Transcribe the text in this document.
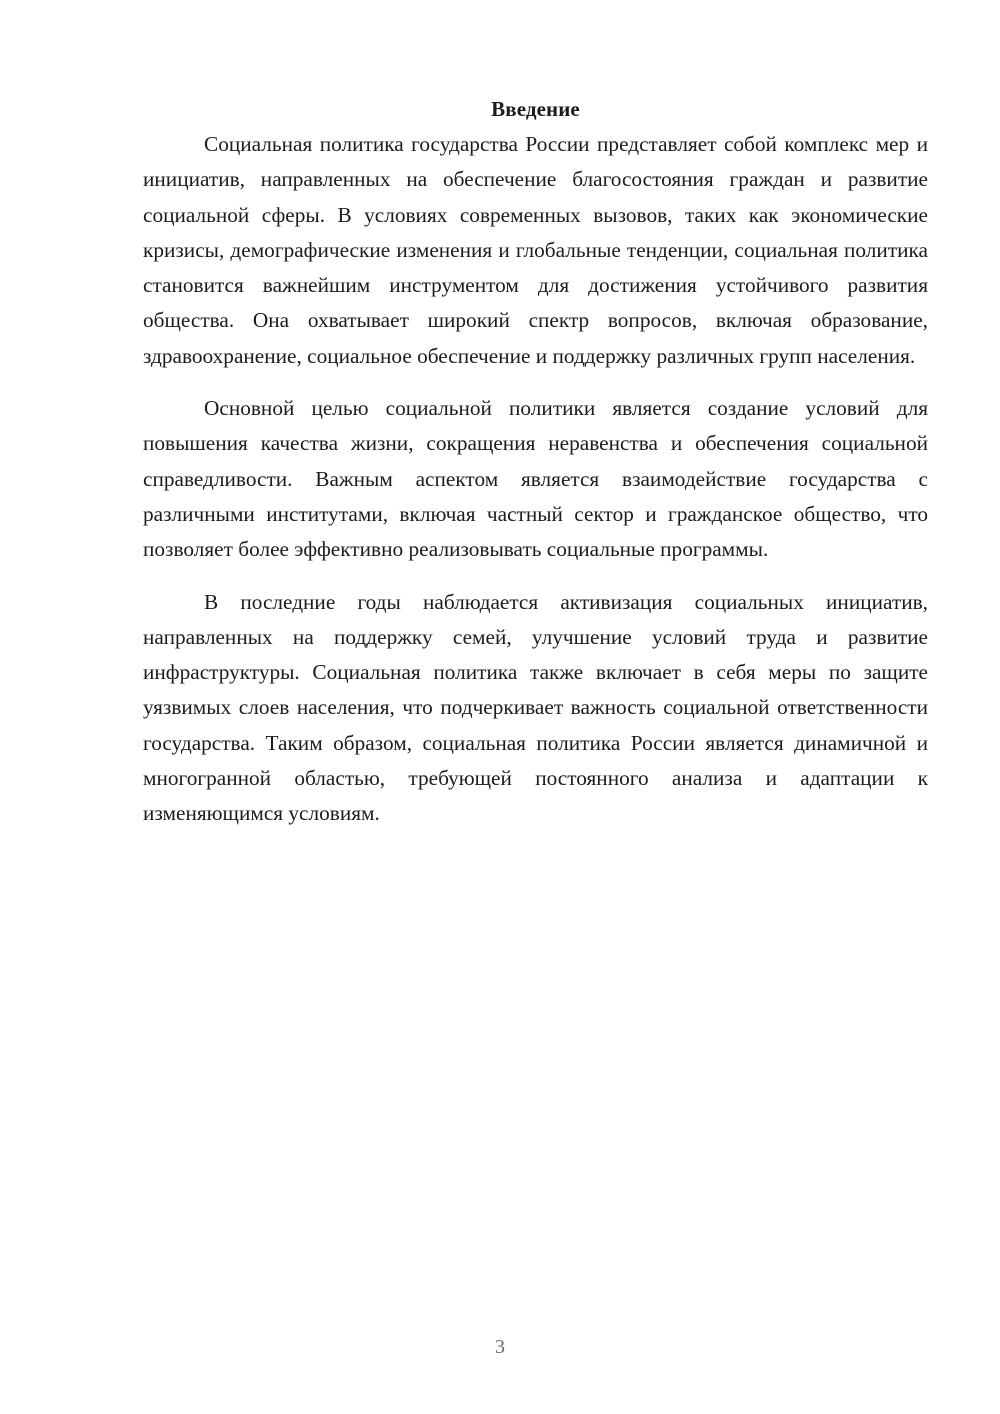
Введение

Социальная политика государства России представляет собой комплекс мер и инициатив, направленных на обеспечение благосостояния граждан и развитие социальной сферы. В условиях современных вызовов, таких как экономические кризисы, демографические изменения и глобальные тенденции, социальная политика становится важнейшим инструментом для достижения устойчивого развития общества. Она охватывает широкий спектр вопросов, включая образование, здравоохранение, социальное обеспечение и поддержку различных групп населения.

Основной целью социальной политики является создание условий для повышения качества жизни, сокращения неравенства и обеспечения социальной справедливости. Важным аспектом является взаимодействие государства с различными институтами, включая частный сектор и гражданское общество, что позволяет более эффективно реализовывать социальные программы.

В последние годы наблюдается активизация социальных инициатив, направленных на поддержку семей, улучшение условий труда и развитие инфраструктуры. Социальная политика также включает в себя меры по защите уязвимых слоев населения, что подчеркивает важность социальной ответственности государства. Таким образом, социальная политика России является динамичной и многогранной областью, требующей постоянного анализа и адаптации к изменяющимся условиям.

3
